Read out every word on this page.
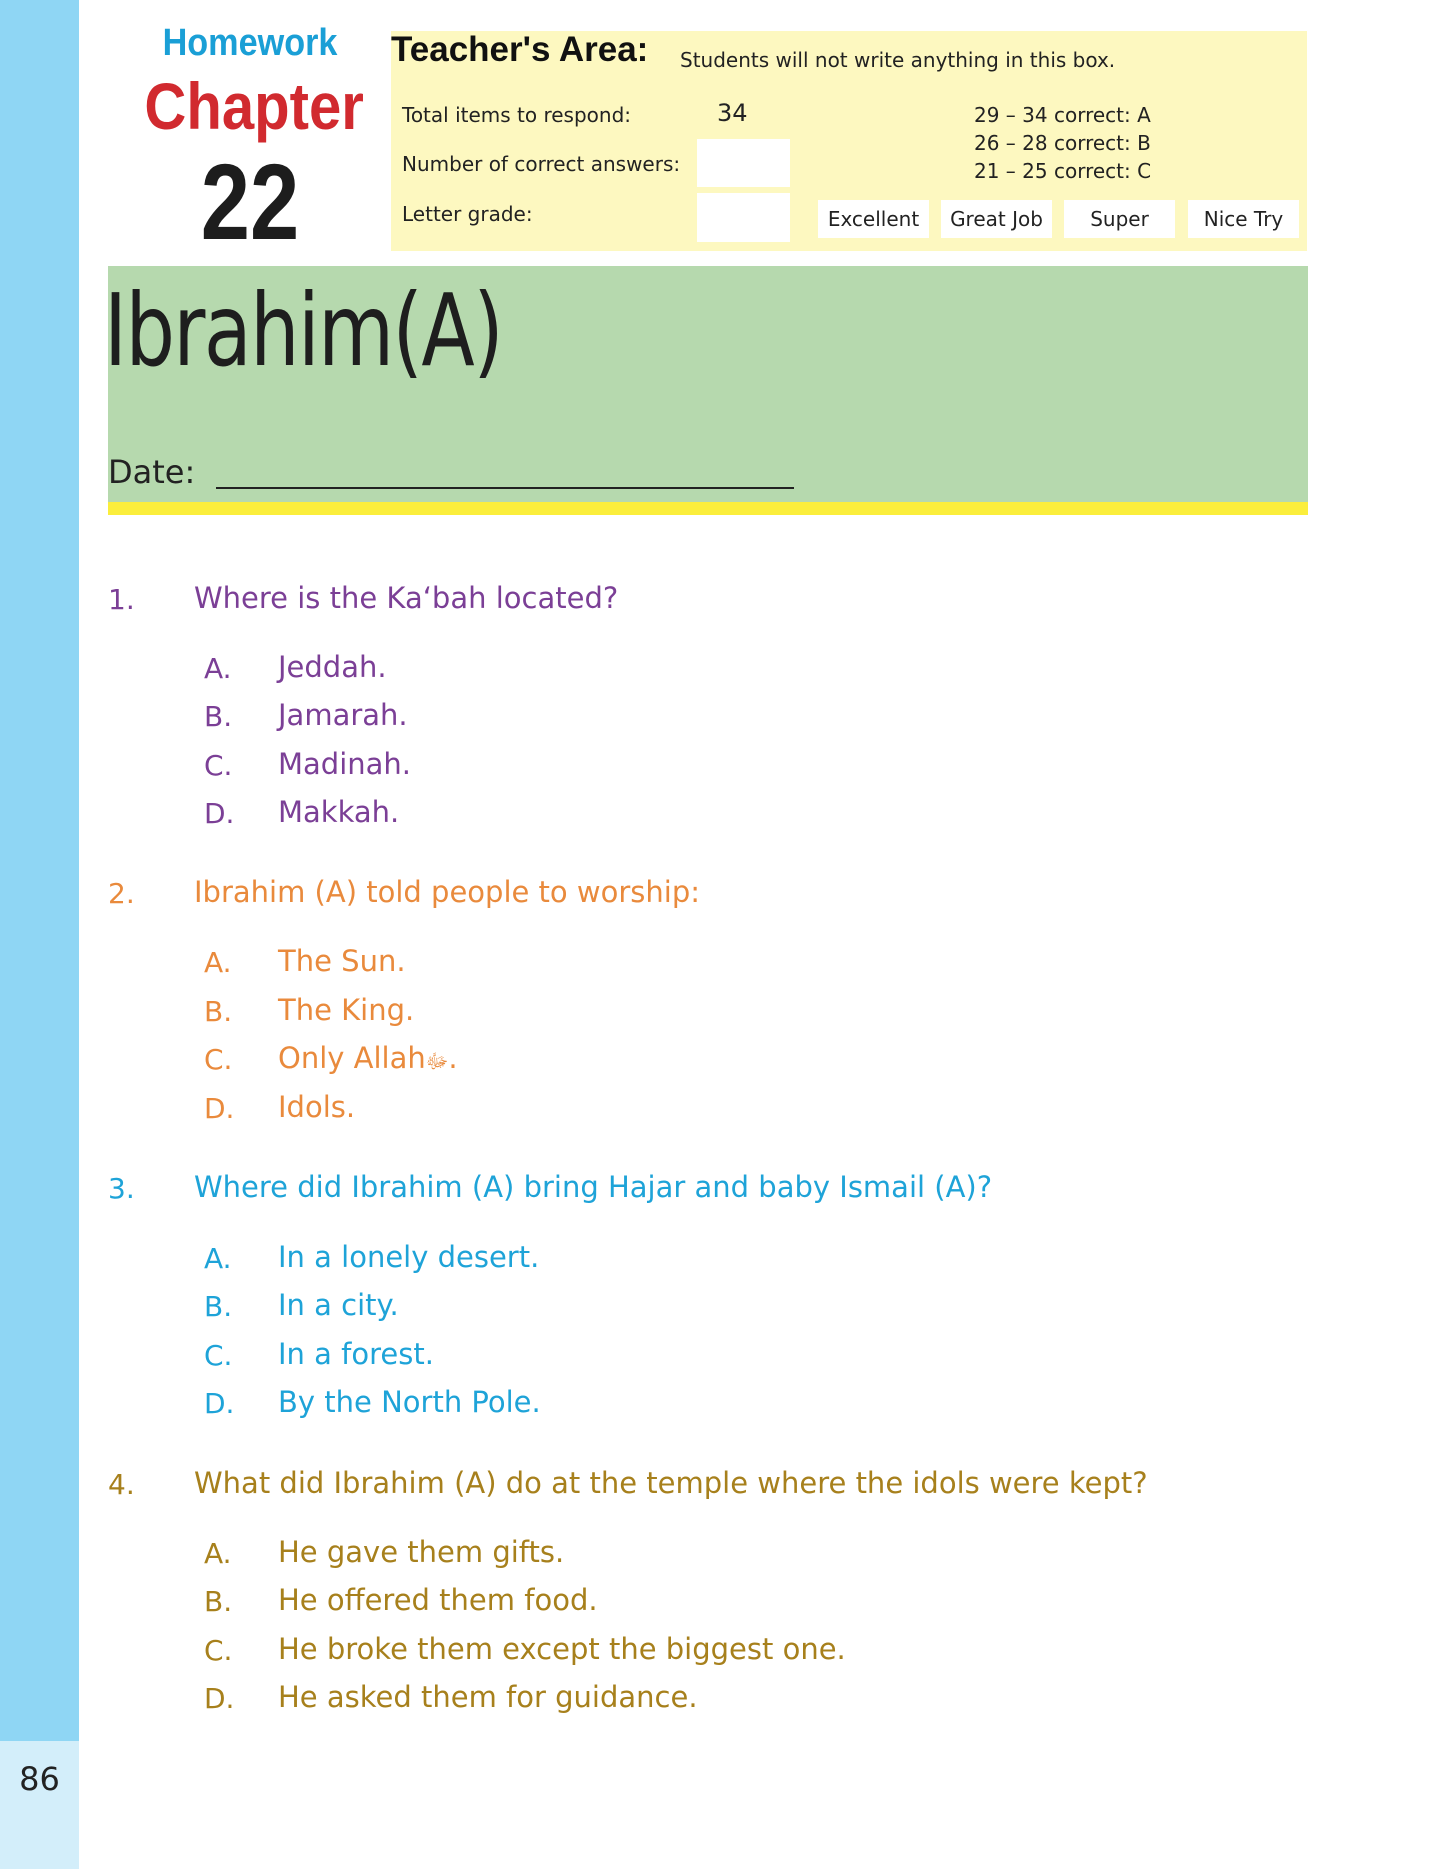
86
Homework
Chapter
22
Teacher's Area: Students will not write anything in this box.
Total items to respond:	34
Number of correct answers:
Letter grade:
29 – 34 correct: A
26 – 28 correct: B
21 – 25 correct: C
Excellent	Great Job	Super	Nice Try
Ibrahim(A)
Date:
1. Where is the Ka‘bah located?
A. Jeddah.
B. Jamarah.
C. Madinah.
D. Makkah.
2. Ibrahim (A) told people to worship:
A. The Sun.
B. The King.
C. Only Allahﷻ.
D. Idols.
3. Where did Ibrahim (A) bring Hajar and baby Ismail (A)?
A. In a lonely desert.
B. In a city.
C. In a forest.
D. By the North Pole.
4. What did Ibrahim (A) do at the temple where the idols were kept?
A. He gave them gifts.
B. He offered them food.
C. He broke them except the biggest one.
D. He asked them for guidance.
